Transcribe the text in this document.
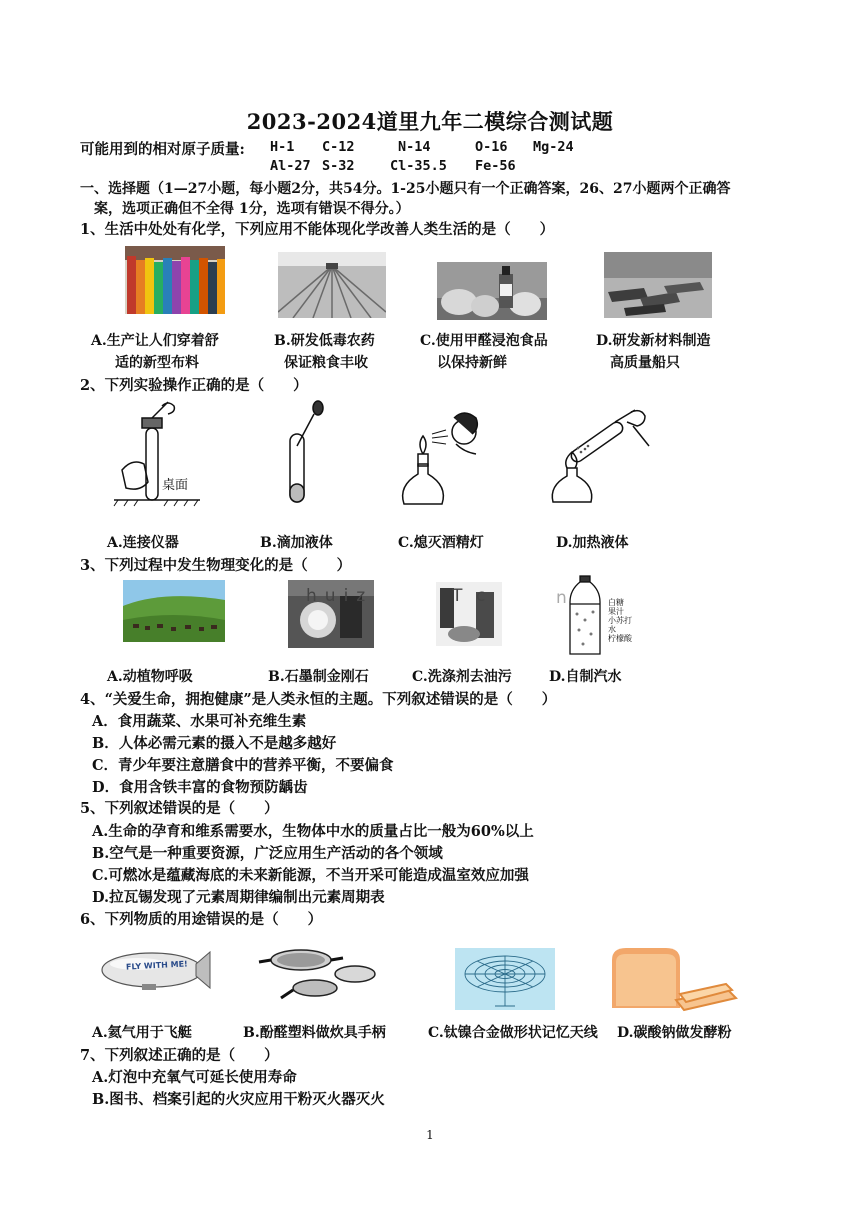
2023-2024道里九年二模综合测试题
可能用到的相对原子质量: H-1 C-12	N-14	O-16 Mg-24
Al-27 S-32	Cl-35.5 Fe-56
一、选择题（1—27小题，每小题2分，共54分。1-25小题只有一个正确答案，26、27小题两个正确答
案，选项正确但不全得 1分，选项有错误不得分。）
1、生活中处处有化学，下列应用不能体现化学改善人类生活的是（　　）
A.生产让人们穿着舒
适的新型布料
B.研发低毒农药
保证粮食丰收
C.使用甲醛浸泡食品
以保持新鲜
D.研发新材料制造
高质量船只
2、下列实验操作正确的是（　　）
桌面
A.连接仪器	B.滴加液体	C.熄灭酒精灯	D.加热液体
3、下列过程中发生物理变化的是（　　）
huiz	T c	n	白糖
果汁
小苏打
水
柠檬酸
A.动植物呼吸	B.石墨制金刚石	C.洗涤剂去油污	D.自制汽水
4、“关爱生命，拥抱健康”是人类永恒的主题。下列叙述错误的是（　　）
A．食用蔬菜、水果可补充维生素
B．人体必需元素的摄入不是越多越好
C．青少年要注意膳食中的营养平衡，不要偏食
D．食用含铁丰富的食物预防龋齿
5、下列叙述错误的是（　　）
A.生命的孕育和维系需要水，生物体中水的质量占比一般为60%以上
B.空气是一种重要资源，广泛应用生产活动的各个领域
C.可燃冰是蕴藏海底的未来新能源，不当开采可能造成温室效应加强
D.拉瓦锡发现了元素周期律编制出元素周期表
6、下列物质的用途错误的是（　　）
FLY WITH ME!
A.氦气用于飞艇	B.酚醛塑料做炊具手柄	C.钛镍合金做形状记忆天线 D.碳酸钠做发酵粉
7、下列叙述正确的是（　　）
A.灯泡中充氧气可延长使用寿命
B.图书、档案引起的火灾应用干粉灭火器灭火
1
